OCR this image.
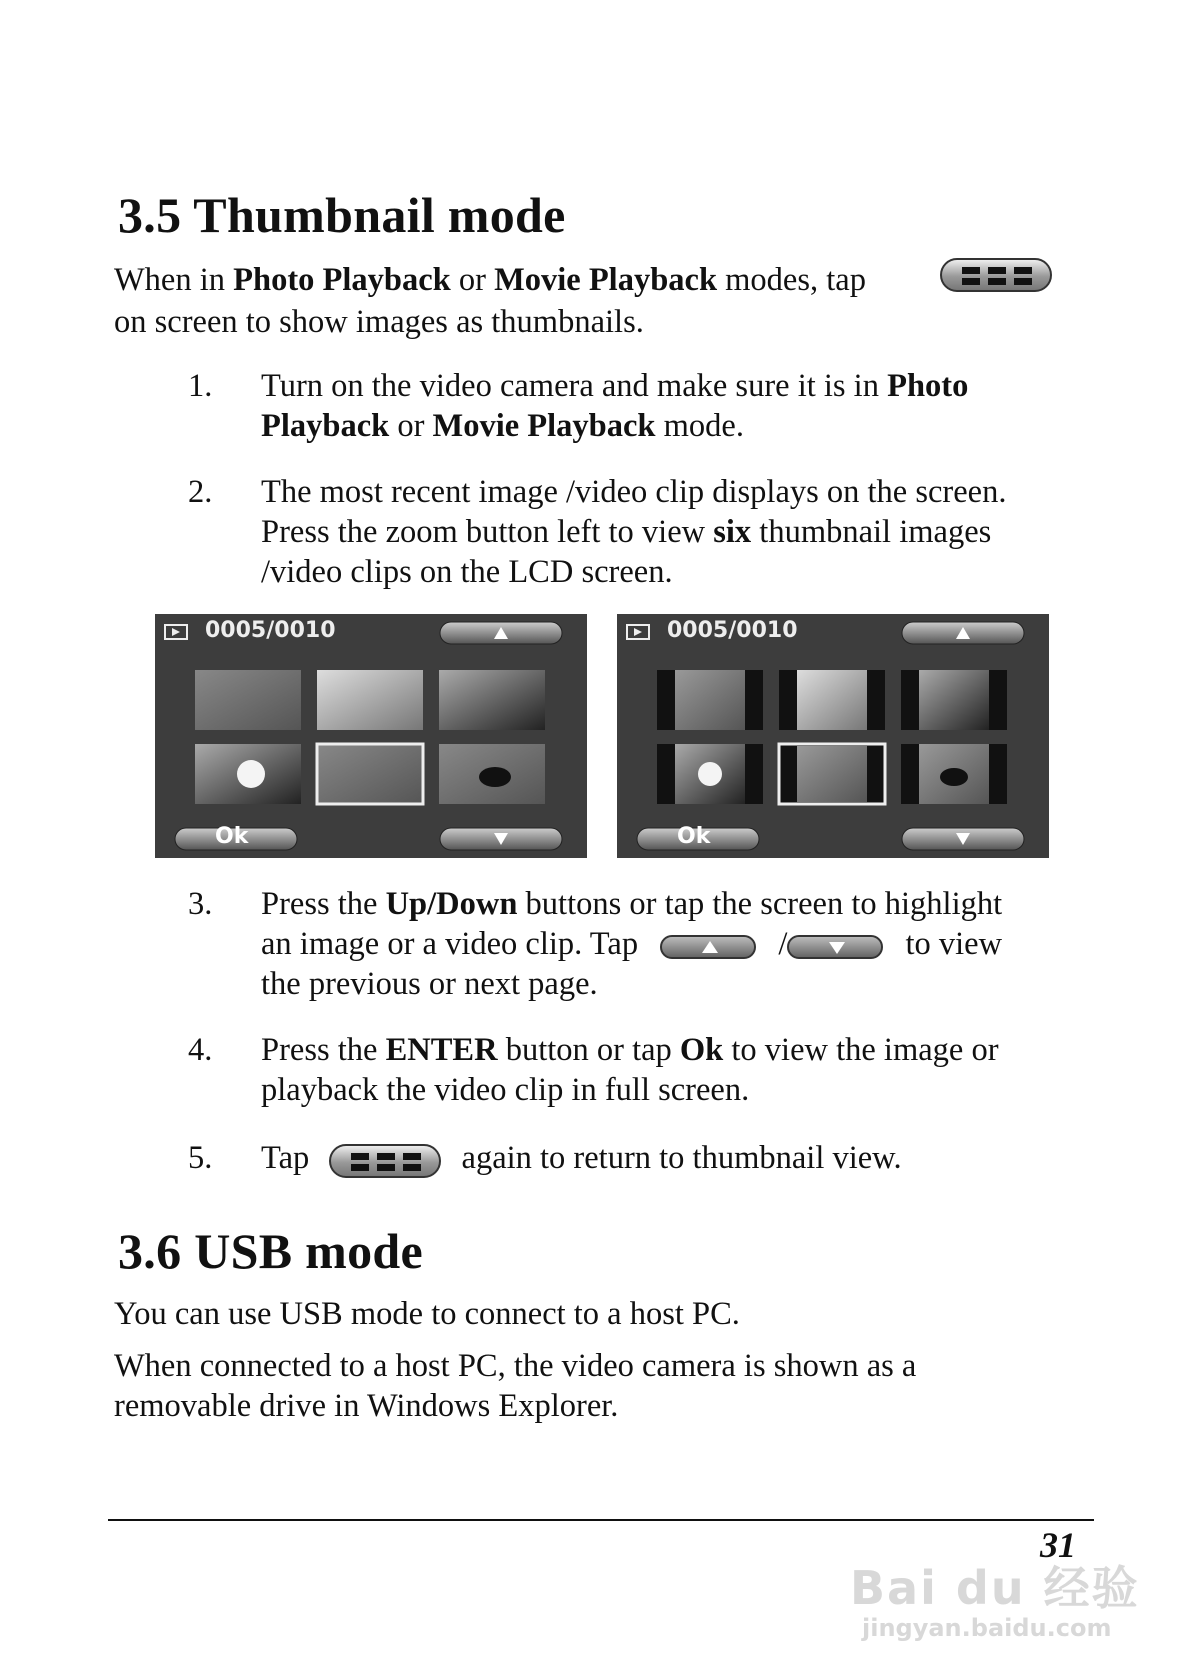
3.5 Thumbnail mode
When in Photo Playback or Movie Playback modes, tap
on screen to show images as thumbnails.
1. Turn on the video camera and make sure it is in Photo
Playback or Movie Playback mode.
2. The most recent image /video clip displays on the screen.
Press the zoom button left to view six thumbnail images
/video clips on the LCD screen.
0005/0010
Ok
0005/0010
Ok
3. Press the Up/Down buttons or tap the screen to highlight
an image or a video clip. Tap	/	to view
the previous or next page.
4. Press the ENTER button or tap Ok to view the image or
playback the video clip in full screen.
5. Tap	again to return to thumbnail view.
3.6 USB mode
You can use USB mode to connect to a host PC.
When connected to a host PC, the video camera is shown as a
removable drive in Windows Explorer.
31
Bai du 经验
jingyan.baidu.com
